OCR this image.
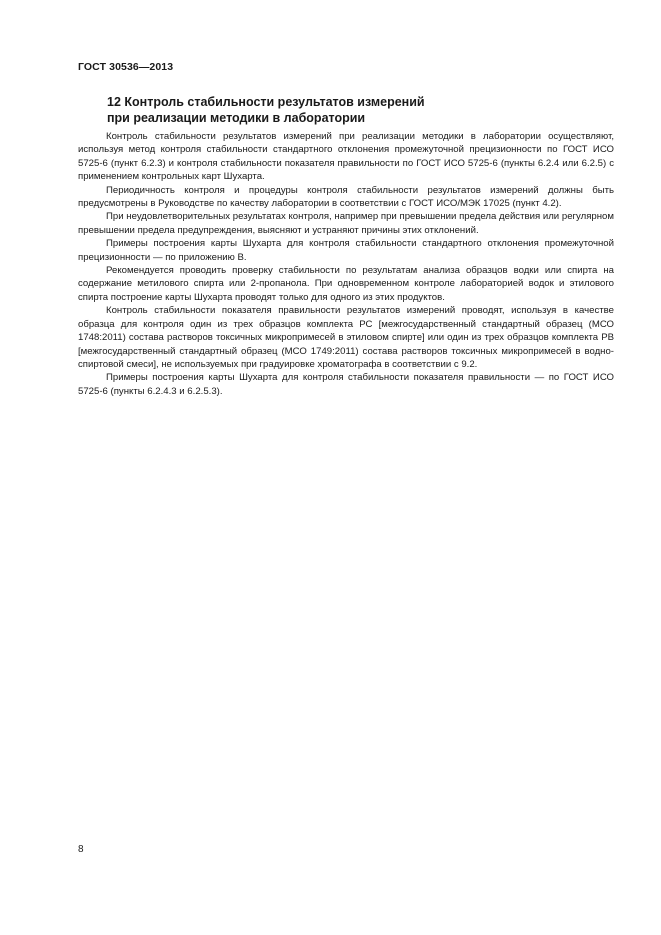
ГОСТ 30536—2013
12 Контроль стабильности результатов измерений
при реализации методики в лаборатории

Контроль стабильности результатов измерений при реализации методики в лаборатории осуществляют, используя метод контроля стабильности стандартного отклонения промежуточной прецизионности по ГОСТ ИСО 5725-6 (пункт 6.2.3) и контроля стабильности показателя правильности по ГОСТ ИСО 5725-6 (пункты 6.2.4 или 6.2.5) с применением контрольных карт Шухарта.

Периодичность контроля и процедуры контроля стабильности результатов измерений должны быть предусмотрены в Руководстве по качеству лаборатории в соответствии с ГОСТ ИСО/МЭК 17025 (пункт 4.2).

При неудовлетворительных результатах контроля, например при превышении предела действия или регулярном превышении предела предупреждения, выясняют и устраняют причины этих отклонений.

Примеры построения карты Шухарта для контроля стабильности стандартного отклонения промежуточной прецизионности — по приложению В.

Рекомендуется проводить проверку стабильности по результатам анализа образцов водки или спирта на содержание метилового спирта или 2-пропанола. При одновременном контроле лабораторией водок и этилового спирта построение карты Шухарта проводят только для одного из этих продуктов.

Контроль стабильности показателя правильности результатов измерений проводят, используя в качестве образца для контроля один из трех образцов комплекта РС [межгосударственный стандартный образец (МСО 1748:2011) состава растворов токсичных микропримесей в этиловом спирте] или один из трех образцов комплекта РВ [межгосударственный стандартный образец (МСО 1749:2011) состава растворов токсичных микропримесей в водно-спиртовой смеси], не используемых при градуировке хроматографа в соответствии с 9.2.

Примеры построения карты Шухарта для контроля стабильности показателя правильности — по ГОСТ ИСО 5725-6 (пункты 6.2.4.3 и 6.2.5.3).

8
